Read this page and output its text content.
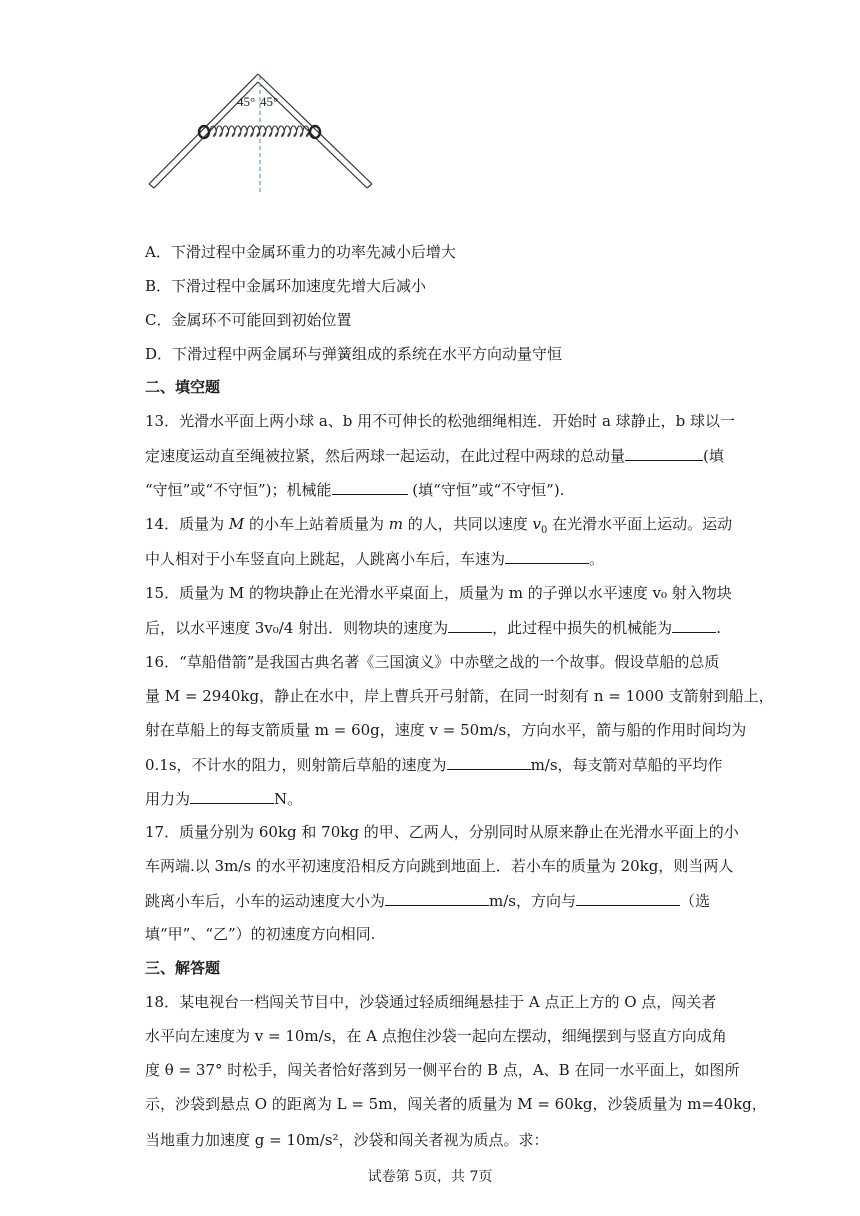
45° 45°
A．下滑过程中金属环重力的功率先减小后增大
B．下滑过程中金属环加速度先增大后减小
C．金属环不可能回到初始位置
D．下滑过程中两金属环与弹簧组成的系统在水平方向动量守恒
二、填空题
13．光滑水平面上两小球 a、b 用不可伸长的松弛细绳相连．开始时 a 球静止，b 球以一
定速度运动直至绳被拉紧，然后两球一起运动，在此过程中两球的总动量	(填
“守恒”或“不守恒”)；机械能	(填“守恒”或“不守恒”).
14．质量为 M 的小车上站着质量为 m 的人，共同以速度 $v_0$ 在光滑水平面上运动。运动
中人相对于小车竖直向上跳起，人跳离小车后，车速为	。
15．质量为 M 的物块静止在光滑水平桌面上，质量为 m 的子弹以水平速度 v₀ 射入物块
后，以水平速度 3v₀/4 射出．则物块的速度为	，此过程中损失的机械能为	.
16．“草船借箭”是我国古典名著《三国演义》中赤壁之战的一个故事。假设草船的总质
量 M = 2940kg，静止在水中，岸上曹兵开弓射箭，在同一时刻有 n = 1000 支箭射到船上，
射在草船上的每支箭质量 m = 60g，速度 v = 50m/s，方向水平，箭与船的作用时间均为
0.1s，不计水的阻力，则射箭后草船的速度为	m/s，每支箭对草船的平均作
用力为	N。
17．质量分别为 60kg 和 70kg 的甲、乙两人，分别同时从原来静止在光滑水平面上的小
车两端.以 3m/s 的水平初速度沿相反方向跳到地面上．若小车的质量为 20kg，则当两人
跳离小车后，小车的运动速度大小为	m/s，方向与	（选
填“甲”、“乙”）的初速度方向相同.
三、解答题
18．某电视台一档闯关节目中，沙袋通过轻质细绳悬挂于 A 点正上方的 O 点，闯关者
水平向左速度为 v = 10m/s，在 A 点抱住沙袋一起向左摆动，细绳摆到与竖直方向成角
度 θ = 37° 时松手，闯关者恰好落到另一侧平台的 B 点，A、B 在同一水平面上，如图所
示，沙袋到悬点 O 的距离为 L = 5m，闯关者的质量为 M = 60kg，沙袋质量为 m=40kg，
当地重力加速度 g = 10m/s²，沙袋和闯关者视为质点。求：
试卷第 5页，共 7页
